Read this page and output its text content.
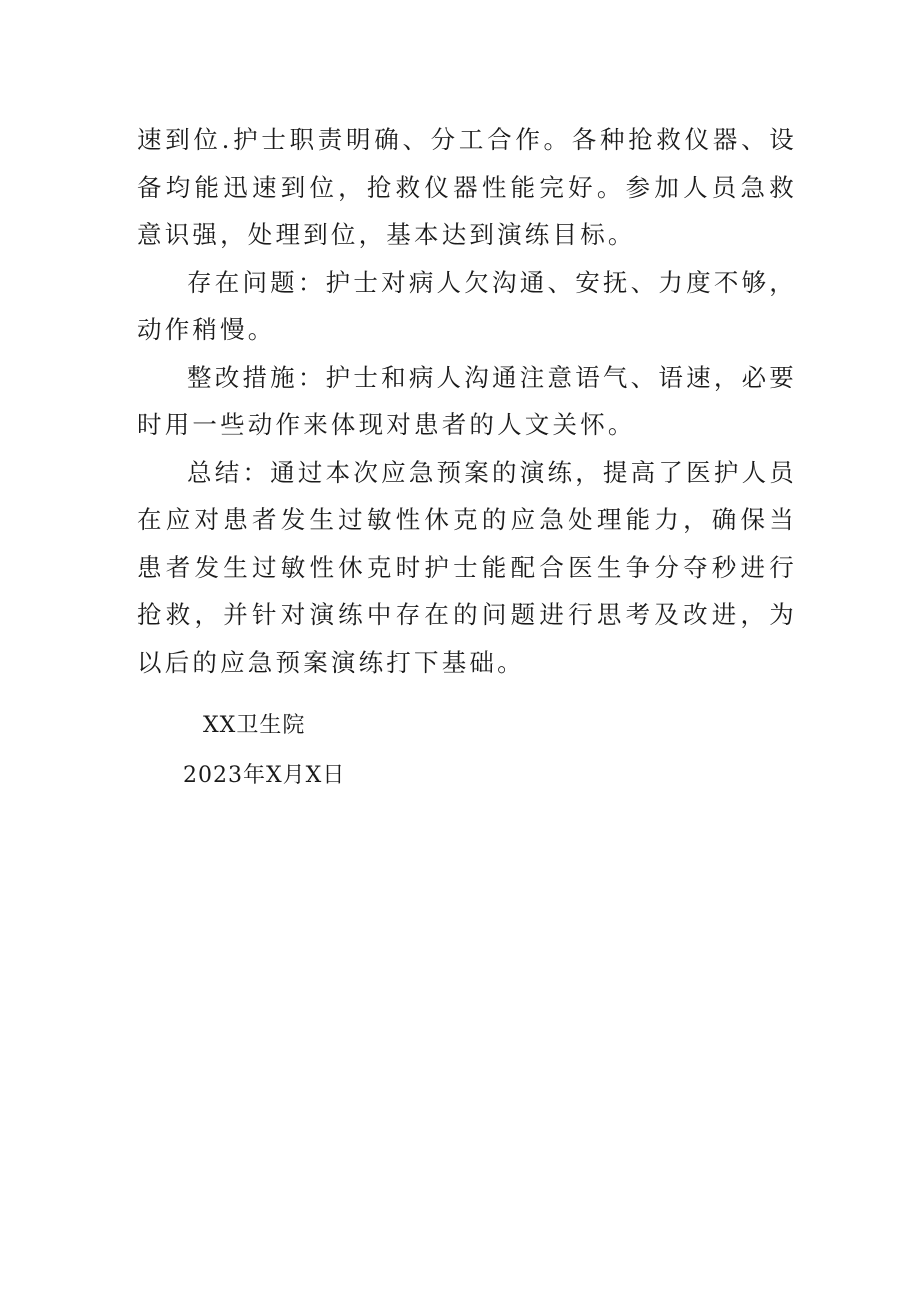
速到位.护士职责明确、分工合作。各种抢救仪器、设备均能迅速到位，抢救仪器性能完好。参加人员急救意识强，处理到位，基本达到演练目标。

存在问题：护士对病人欠沟通、安抚、力度不够，动作稍慢。

整改措施：护士和病人沟通注意语气、语速，必要时用一些动作来体现对患者的人文关怀。

总结：通过本次应急预案的演练，提高了医护人员在应对患者发生过敏性休克的应急处理能力，确保当患者发生过敏性休克时护士能配合医生争分夺秒进行抢救，并针对演练中存在的问题进行思考及改进，为以后的应急预案演练打下基础。

XX卫生院
2023年X月X日
